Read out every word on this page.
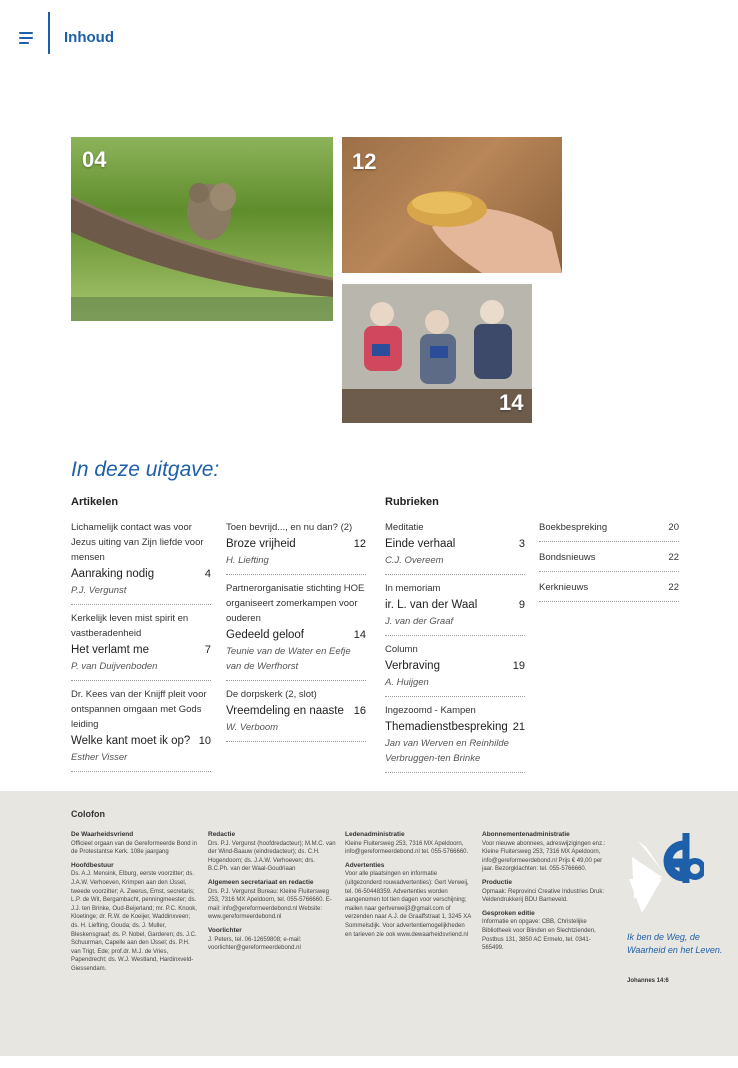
Inhoud
04	12
14
In deze uitgave:
Artikelen	Rubrieken
Lichamelijk contact was voor Jezus uiting van Zijn liefde voor mensen
Aanraking nodig	4
P.J. Vergunst
Kerkelijk leven mist spirit en vastberadenheid
Het verlamt me	7
P. van Duijvenboden
Dr. Kees van der Knijff pleit voor ontspannen omgaan met Gods leiding
Welke kant moet ik op? 10
Esther Visser
Toen bevrijd..., en nu dan? (2)
Broze vrijheid	12
H. Liefting
Partnerorganisatie stichting HOE organiseert zomerkampen voor ouderen
Gedeeld geloof	14
Teunie van de Water en Eefje van de Werfhorst
De dorpskerk (2, slot)
Vreemdeling en naaste 16
W. Verboom
Meditatie
Einde verhaal	3
C.J. Overeem
In memoriam
ir. L. van der Waal	9
J. van der Graaf
Column
Verbraving	19
A. Huijgen
Ingezoomd - Kampen
Themadienstbespreking 21
Jan van Werven en Reinhilde Verbruggen-ten Brinke
Boekbespreking	20
Bondsnieuws	22
Kerknieuws	22
Colofon
De Waarheidsvriend
Officieel orgaan van de Gereformeerde Bond in de Protestantse Kerk. 108e jaargang
Hoofdbestuur
Ds. A.J. Mensink, Elburg, eerste voorzitter; ds. J.A.W. Verhoeven, Krimpen aan den IJssel, tweede voorzitter; A. Zwerus, Emst, secretaris; L.P. de Wit, Bergambacht, penningmeester; ds. J.J. ten Brinke, Oud-Beijerland; mr. P.C. Knook, Kloetinge; dr. R.W. de Koeijer, Waddinxveen; ds. H. Liefting, Gouda; ds. J. Muller, Bleskensgraaf; ds. P. Nobel, Garderen; ds. J.C. Schuurman, Capelle aan den IJssel; ds. P.H. van Trigt, Ede; prof.dr. M.J. de Vries, Papendrecht; ds. W.J. Westland, Hardinxveld-Giessendam.
Redactie
Drs. P.J. Vergunst (hoofdredacteur); M.M.C. van der Wind-Baauw (eindredacteur); ds. C.H. Hogendoorn; ds. J.A.W. Verhoeven; drs. B.C.Ph. van der Waal-Goudriaan
Algemeen secretariaat en redactie
Drs. P.J. Vergunst Bureau: Kleine Fluitersweg 253, 7316 MX Apeldoorn, tel. 055-5766660. E-mail: info@gereformeerdebond.nl Website: www.gereformeerdebond.nl
Voorlichter
J. Peters, tel. 06-12659808; e-mail: voorlichter@gereformeerdebond.nl
Ledenadministratie
Kleine Fluitersweg 253, 7316 MX Apeldoorn, info@gereformeerdebond.nl tel. 055-5766660.
Advertenties
Voor alle plaatsingen en informatie (uitgezonderd rouwadvertenties): Gert Verweij, tel. 06-50448359. Advertenties worden aangenomen tot tien dagen voor verschijning; mailen naar gertverweij3@gmail.com of verzenden naar A.J. de Graaffstraat 1, 3245 XA Sommelsdijk. Voor advertentiemogelijkheden en tarieven zie ook www.dewaarheidsvriend.nl
Abonnementenadministratie
Voor nieuwe abonnees, adreswijzigingen enz.: Kleine Fluitersweg 253, 7316 MX Apeldoorn, info@gereformeerdebond.nl Prijs € 49,00 per jaar. Bezorgklachten: tel. 055-5766660.
Productie
Opmaak: Reprovinci Creative Industries Druk: Veldendrukkerij BDU Barneveld.
Gesproken editie
Informatie en opgave: CBB, Christelijke Bibliotheek voor Blinden en Slechtzienden, Postbus 131, 3850 AC Ermelo, tel. 0341-565499.
Ik ben de Weg, de Waarheid en het Leven.
Johannes 14:6
